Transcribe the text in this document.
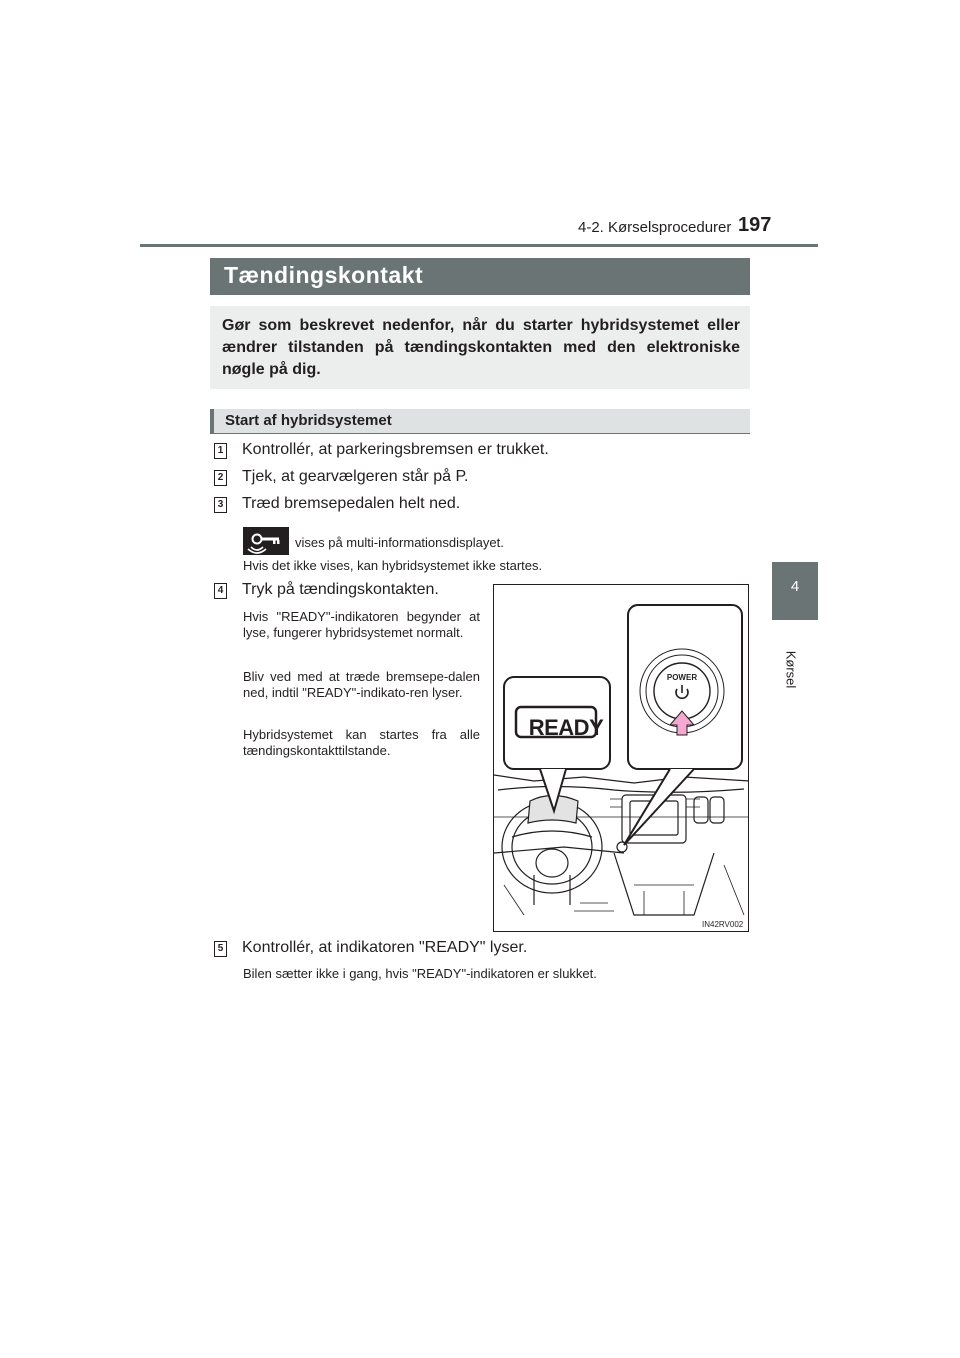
4-2. Kørselsprocedurer 197
4
Kørsel
Tændingskontakt

Gør som beskrevet nedenfor, når du starter hybridsystemet eller ændrer tilstanden på tændingskontakten med den elektroniske nøgle på dig.

Start af hybridsystemet
1 Kontrollér, at parkeringsbremsen er trukket.
2 Tjek, at gearvælgeren står på P.
3 Træd bremsepedalen helt ned.
vises på multi-informationsdisplayet.
Hvis det ikke vises, kan hybridsystemet ikke startes.
4 Tryk på tændingskontakten.
Hvis "READY"-indikatoren begynder at lyse, fungerer hybridsystemet normalt.
Bliv ved med at træde bremsepe-dalen ned, indtil "READY"-indikato-ren lyser.
Hybridsystemet kan startes fra alle tændingskontakttilstande.
READY
POWER
IN42RV002
5 Kontrollér, at indikatoren "READY" lyser.
Bilen sætter ikke i gang, hvis "READY"-indikatoren er slukket.
